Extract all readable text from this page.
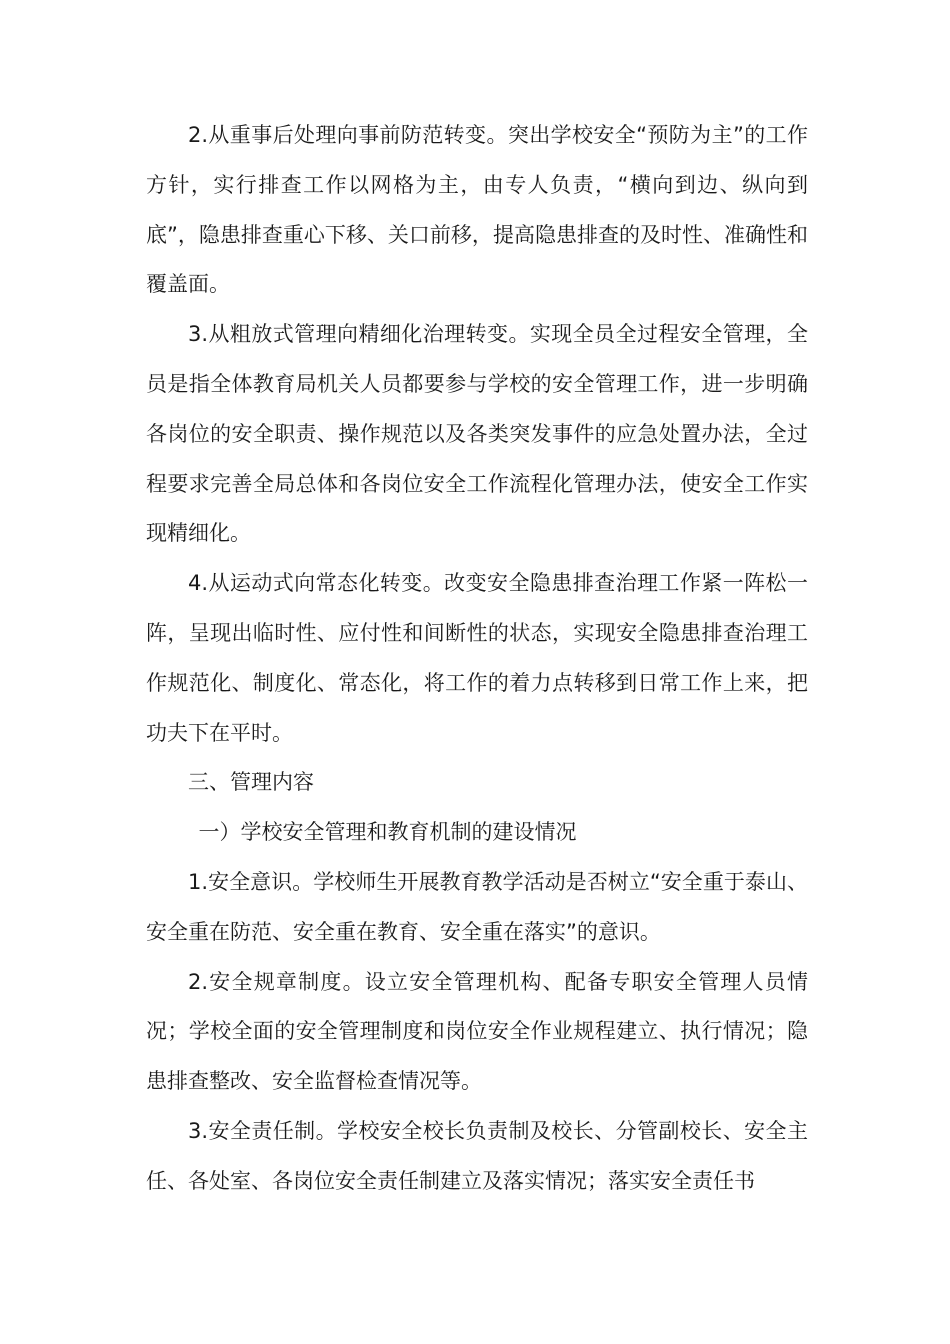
2.从重事后处理向事前防范转变。突出学校安全“预防为主”的工作方针，实行排查工作以网格为主，由专人负责，“横向到边、纵向到底”，隐患排查重心下移、关口前移，提高隐患排查的及时性、准确性和覆盖面。

3.从粗放式管理向精细化治理转变。实现全员全过程安全管理，全员是指全体教育局机关人员都要参与学校的安全管理工作，进一步明确各岗位的安全职责、操作规范以及各类突发事件的应急处置办法，全过程要求完善全局总体和各岗位安全工作流程化管理办法，使安全工作实现精细化。

4.从运动式向常态化转变。改变安全隐患排查治理工作紧一阵松一阵，呈现出临时性、应付性和间断性的状态，实现安全隐患排查治理工作规范化、制度化、常态化，将工作的着力点转移到日常工作上来，把功夫下在平时。

三、管理内容

一）学校安全管理和教育机制的建设情况

1.安全意识。学校师生开展教育教学活动是否树立“安全重于泰山、安全重在防范、安全重在教育、安全重在落实”的意识。

2.安全规章制度。设立安全管理机构、配备专职安全管理人员情况；学校全面的安全管理制度和岗位安全作业规程建立、执行情况；隐患排查整改、安全监督检查情况等。

3.安全责任制。学校安全校长负责制及校长、分管副校长、安全主任、各处室、各岗位安全责任制建立及落实情况；落实安全责任书
